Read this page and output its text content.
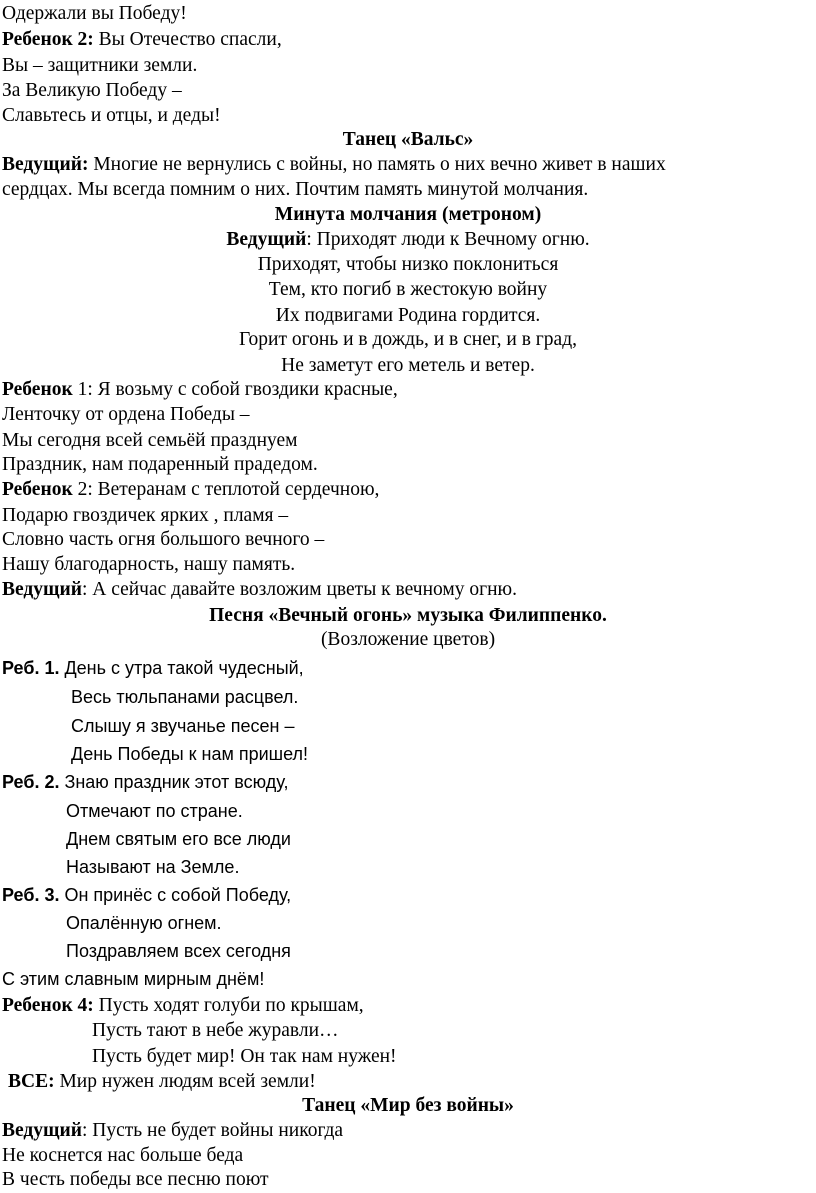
Одержали вы Победу!
Ребенок 2: Вы Отечество спасли,
Вы – защитники земли.
За Великую Победу –
Славьтесь и отцы, и деды!
Танец «Вальс»
Ведущий: Многие не вернулись с войны, но память о них вечно живет в наших
сердцах. Мы всегда помним о них. Почтим память минутой молчания.
Минута молчания (метроном)
Ведущий: Приходят люди к Вечному огню.
Приходят, чтобы низко поклониться
Тем, кто погиб в жестокую войну
Их подвигами Родина гордится.
Горит огонь и в дождь, и в снег, и в град,
Не заметут его метель и ветер.
Ребенок 1: Я возьму с собой гвоздики красные,
Ленточку от ордена Победы –
Мы сегодня всей семьёй празднуем
Праздник, нам подаренный прадедом.
Ребенок 2: Ветеранам с теплотой сердечною,
Подарю гвоздичек ярких , пламя –
Словно часть огня большого вечного –
Нашу благодарность, нашу память.
Ведущий: А сейчас давайте возложим цветы к вечному огню.
Песня «Вечный огонь» музыка Филиппенко.
(Возложение цветов)
Реб. 1. День с утра такой чудесный,
Весь тюльпанами расцвел.
Слышу я звучанье песен –
День Победы к нам пришел!
Реб. 2. Знаю праздник этот всюду,
Отмечают по стране.
Днем святым его все люди
Называют на Земле.
Реб. 3. Он принёс с собой Победу,
Опалённую огнем.
Поздравляем всех сегодня
С этим славным мирным днём!
Ребенок 4: Пусть ходят голуби по крышам,
Пусть тают в небе журавли…
Пусть будет мир! Он так нам нужен!
ВСЕ: Мир нужен людям всей земли!
Танец «Мир без войны»
Ведущий: Пусть не будет войны никогда
Не коснется нас больше беда
В честь победы все песню поют
